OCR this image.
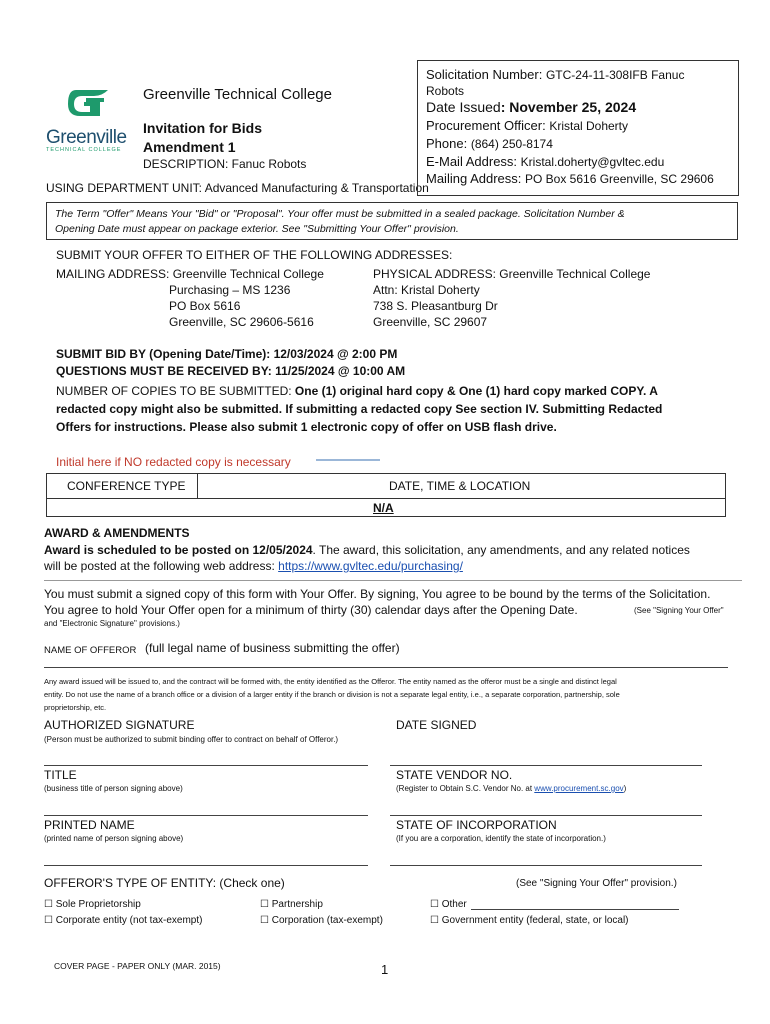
Greenville
TECHNICAL COLLEGE
Greenville Technical College
Invitation for Bids
Amendment 1
DESCRIPTION: Fanuc Robots
USING DEPARTMENT UNIT: Advanced Manufacturing & Transportation
Solicitation Number: GTC-24-11-308IFB Fanuc
Robots
Date Issued: November 25, 2024
Procurement Officer: Kristal Doherty
Phone: (864) 250-8174
E-Mail Address: Kristal.doherty@gvltec.edu
Mailing Address: PO Box 5616 Greenville, SC 29606
The Term "Offer" Means Your "Bid" or "Proposal". Your offer must be submitted in a sealed package. Solicitation Number &
Opening Date must appear on package exterior. See "Submitting Your Offer" provision.
SUBMIT YOUR OFFER TO EITHER OF THE FOLLOWING ADDRESSES:
MAILING ADDRESS: Greenville Technical College
Purchasing – MS 1236
PO Box 5616
Greenville, SC 29606-5616
PHYSICAL ADDRESS: Greenville Technical College
Attn: Kristal Doherty
738 S. Pleasantburg Dr
Greenville, SC 29607
SUBMIT BID BY (Opening Date/Time): 12/03/2024 @ 2:00 PM
QUESTIONS MUST BE RECEIVED BY: 11/25/2024 @ 10:00 AM
NUMBER OF COPIES TO BE SUBMITTED: One (1) original hard copy & One (1) hard copy marked COPY. A
redacted copy might also be submitted. If submitting a redacted copy See section IV. Submitting Redacted
Offers for instructions. Please also submit 1 electronic copy of offer on USB flash drive.
Initial here if NO redacted copy is necessary
CONFERENCE TYPE	DATE, TIME & LOCATION
N/A
AWARD & AMENDMENTS
Award is scheduled to be posted on 12/05/2024. The award, this solicitation, any amendments, and any related notices
will be posted at the following web address: https://www.gvltec.edu/purchasing/
You must submit a signed copy of this form with Your Offer. By signing, You agree to be bound by the terms of the Solicitation.
You agree to hold Your Offer open for a minimum of thirty (30) calendar days after the Opening Date.	(See "Signing Your Offer"
and "Electronic Signature" provisions.)
NAME OF OFFEROR (full legal name of business submitting the offer)
Any award issued will be issued to, and the contract will be formed with, the entity identified as the Offeror. The entity named as the offeror must be a single and distinct legal
entity. Do not use the name of a branch office or a division of a larger entity if the branch or division is not a separate legal entity, i.e., a separate corporation, partnership, sole
proprietorship, etc.
AUTHORIZED SIGNATURE
(Person must be authorized to submit binding offer to contract on behalf of Offeror.)
DATE SIGNED
TITLE
(business title of person signing above)
STATE VENDOR NO.
(Register to Obtain S.C. Vendor No. at www.procurement.sc.gov)
PRINTED NAME
(printed name of person signing above)
STATE OF INCORPORATION
(If you are a corporation, identify the state of incorporation.)
OFFEROR'S TYPE OF ENTITY: (Check one)	(See "Signing Your Offer" provision.)
☐ Sole Proprietorship	☐ Partnership	☐ Other
☐ Corporate entity (not tax-exempt)	☐ Corporation (tax-exempt)	☐ Government entity (federal, state, or local)
COVER PAGE - PAPER ONLY (MAR. 2015)	1
